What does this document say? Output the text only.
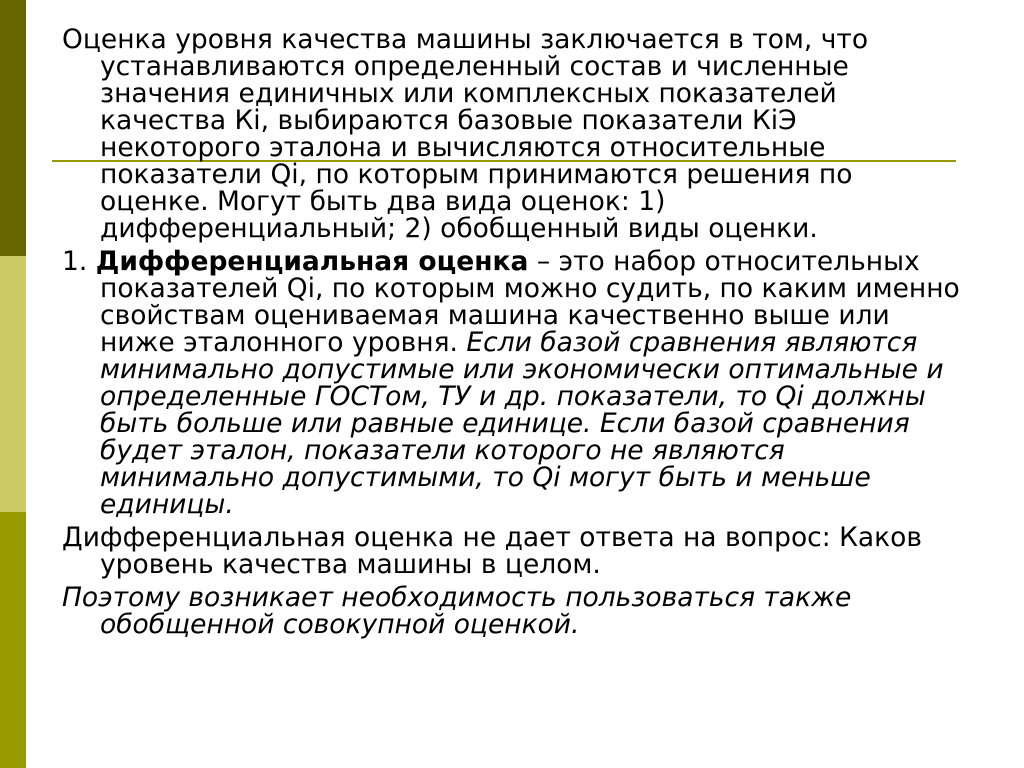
Оценка уровня качества машины заключается в том, что устанавливаются определенный состав и численные значения единичных или комплексных показателей качества Кi, выбираются базовые показатели КiЭ некоторого эталона и вычисляются относительные показатели Qi, по которым принимаются решения по оценке. Могут быть два вида оценок: 1) дифференциальный; 2) обобщенный виды оценки.

1. Дифференциальная оценка – это набор относительных показателей Qi, по которым можно судить, по каким именно свойствам оцениваемая машина качественно выше или ниже эталонного уровня. Если базой сравнения являются минимально допустимые или экономически оптимальные и определенные ГОСТом, ТУ и др. показатели, то Qi должны быть больше или равные единице. Если базой сравнения будет эталон, показатели которого не являются минимально допустимыми, то Qi могут быть и меньше единицы.

Дифференциальная оценка не дает ответа на вопрос: Каков уровень качества машины в целом.

Поэтому возникает необходимость пользоваться также обобщенной совокупной оценкой.
